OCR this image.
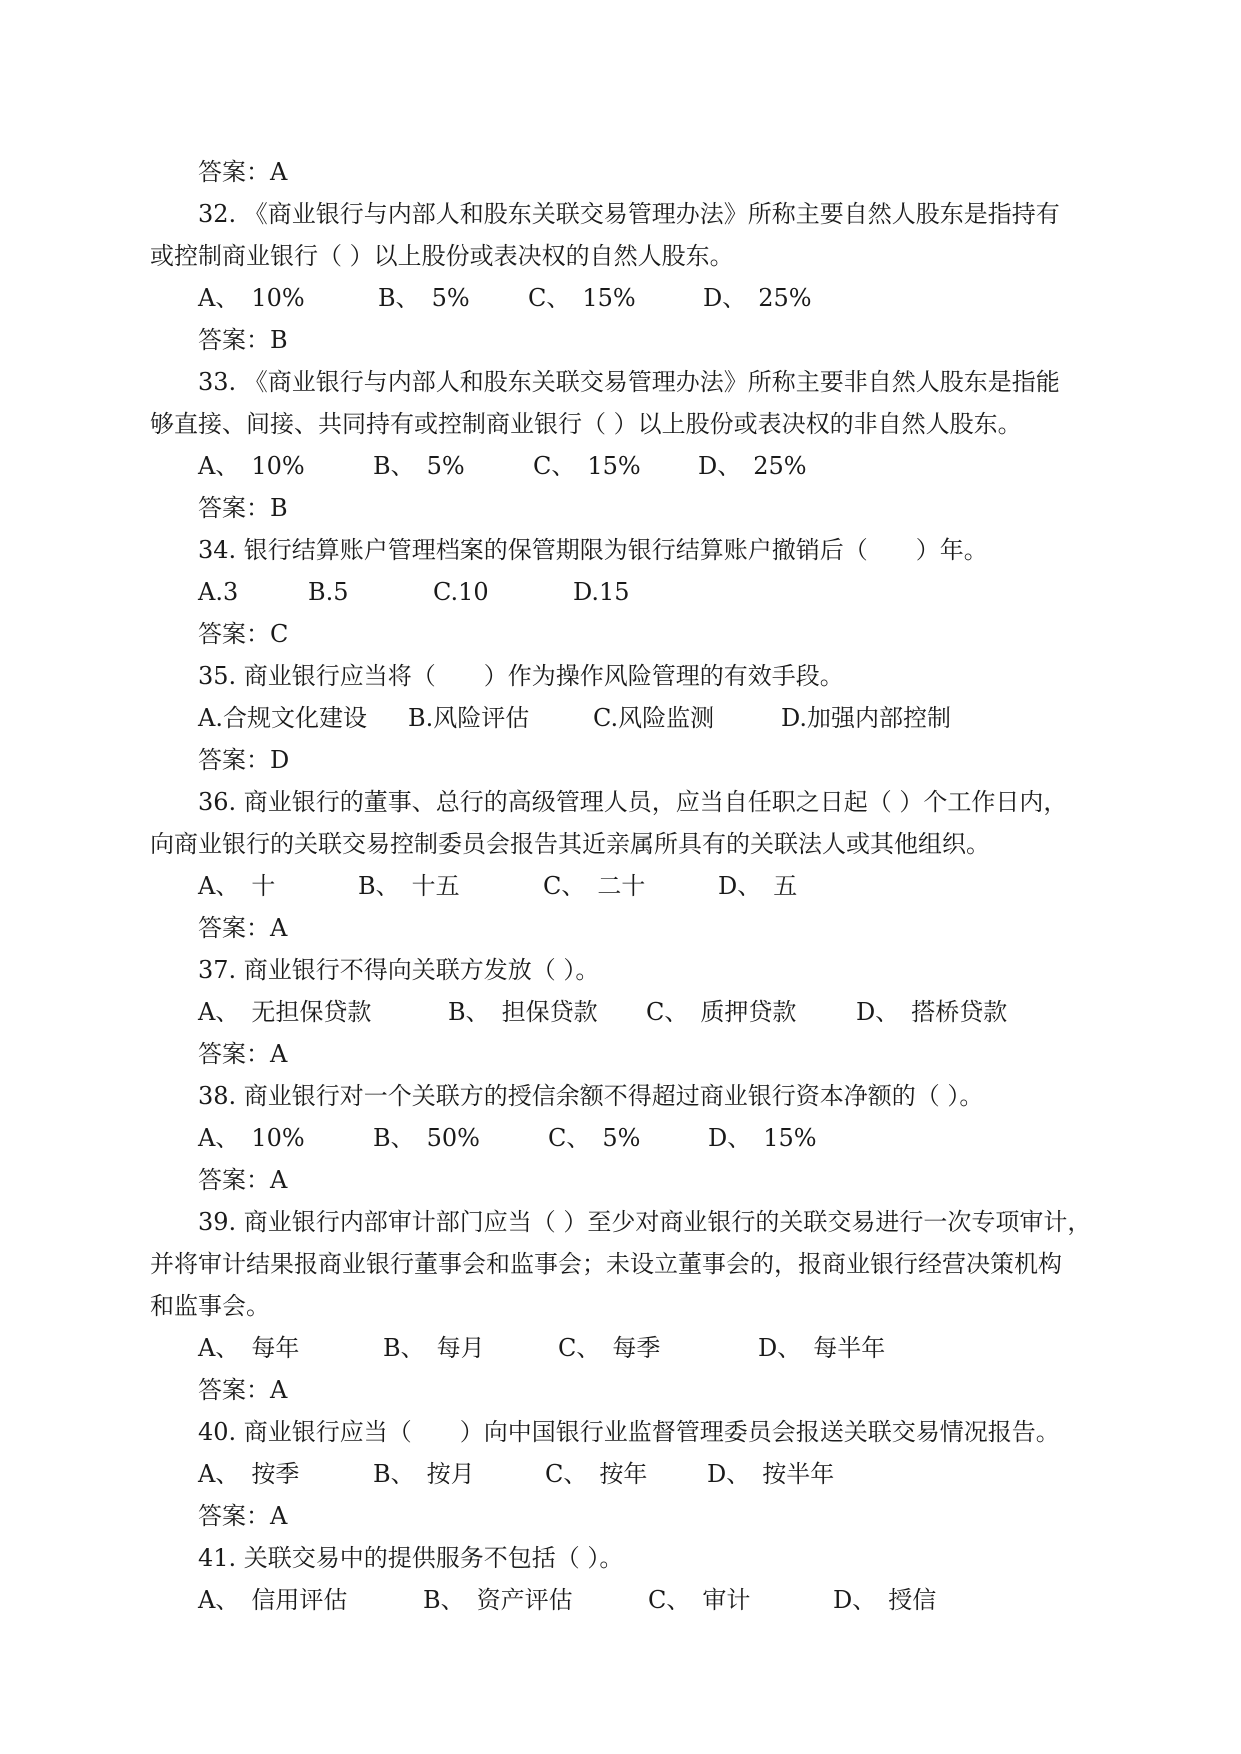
答案：A
32. 《商业银行与内部人和股东关联交易管理办法》所称主要自然人股东是指持有
或控制商业银行（ ）以上股份或表决权的自然人股东。
A、　10%	B、　5%	C、　15%	D、　25%
答案：B
33. 《商业银行与内部人和股东关联交易管理办法》所称主要非自然人股东是指能
够直接、间接、共同持有或控制商业银行（ ）以上股份或表决权的非自然人股东。
A、　10%	B、　5%	C、　15%	D、　25%
答案：B
34. 银行结算账户管理档案的保管期限为银行结算账户撤销后（　　）年。
A.3	B.5	C.10	D.15
答案：C
35. 商业银行应当将（　　）作为操作风险管理的有效手段。
A.合规文化建设	B.风险评估	C.风险监测	D.加强内部控制
答案：D
36. 商业银行的董事、总行的高级管理人员，应当自任职之日起（ ）个工作日内，
向商业银行的关联交易控制委员会报告其近亲属所具有的关联法人或其他组织。
A、　十	B、　十五	C、　二十	D、　五
答案：A
37. 商业银行不得向关联方发放（ ）。
A、　无担保贷款	B、　担保贷款	C、　质押贷款	D、　搭桥贷款
答案：A
38. 商业银行对一个关联方的授信余额不得超过商业银行资本净额的（ ）。
A、　10%	B、　50%	C、　5%	D、　15%
答案：A
39. 商业银行内部审计部门应当（ ）至少对商业银行的关联交易进行一次专项审计，
并将审计结果报商业银行董事会和监事会；未设立董事会的，报商业银行经营决策机构
和监事会。
A、　每年	B、　每月	C、　每季	D、　每半年
答案：A
40. 商业银行应当（　　）向中国银行业监督管理委员会报送关联交易情况报告。
A、　按季	B、　按月	C、　按年	D、　按半年
答案：A
41. 关联交易中的提供服务不包括（ ）。
A、　信用评估	B、　资产评估	C、　审计	D、　授信
